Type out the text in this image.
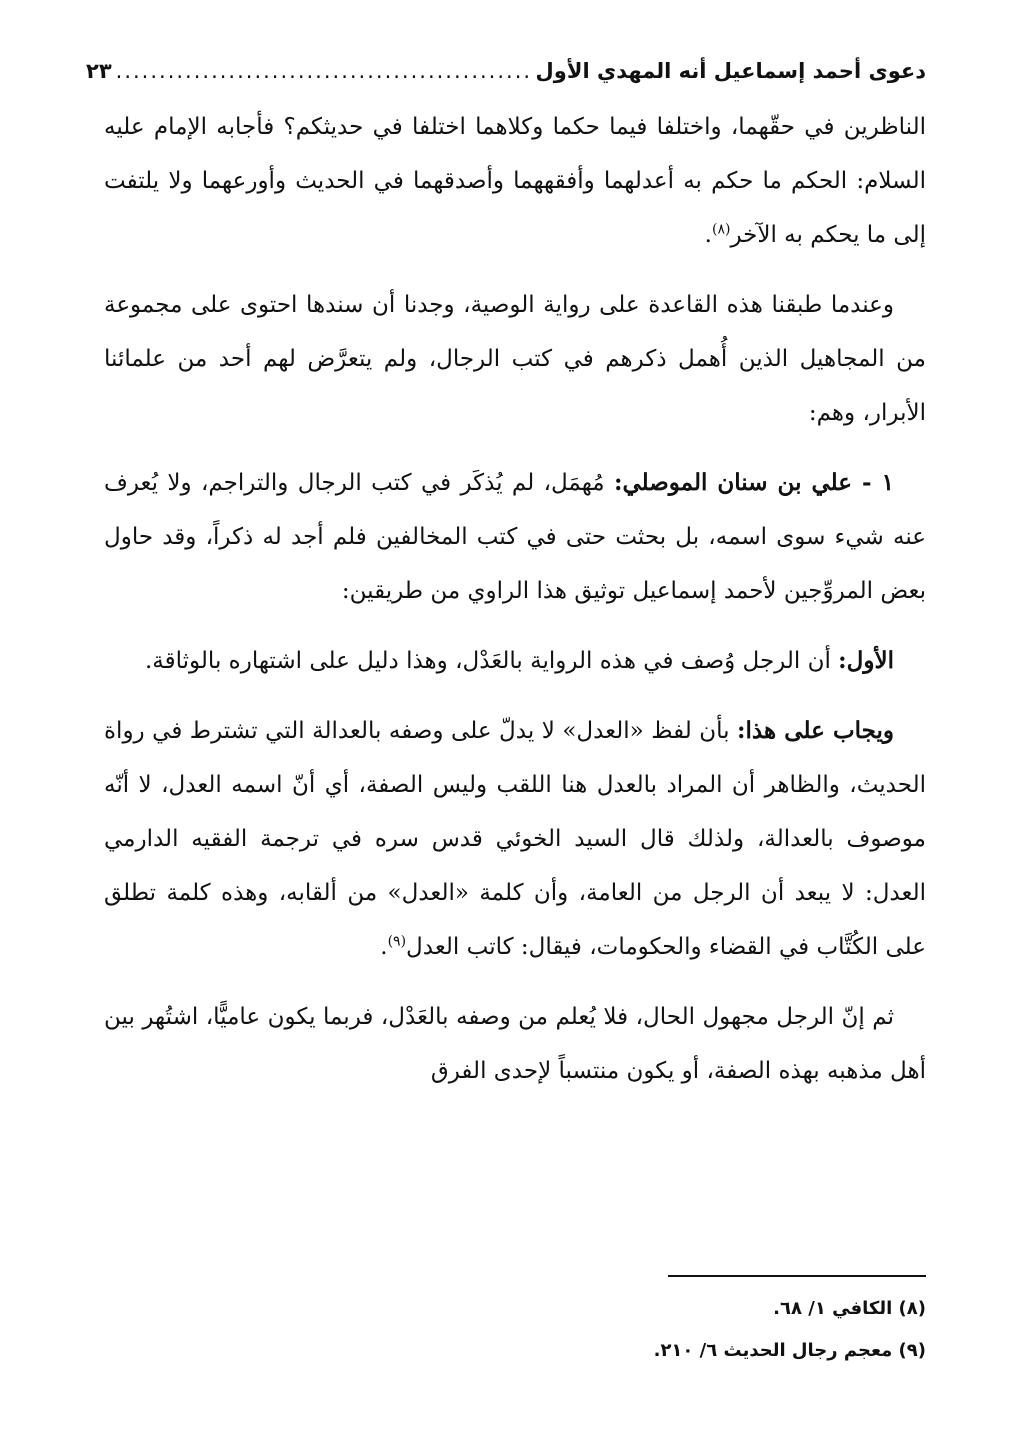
دعوى أحمد إسماعيل أنه المهدي الأول
.....
٢٣

الناظرين في حقّهما، واختلفا فيما حكما وكلاهما اختلفا في حديثكم؟ فأجابه الإمام عليه السلام: الحكم ما حكم به أعدلهما وأفقههما وأصدقهما في الحديث وأورعهما ولا يلتفت إلى ما يحكم به الآخر$^{(٨)}$.

وعندما طبقنا هذه القاعدة على رواية الوصية، وجدنا أن سندها احتوى على مجموعة من المجاهيل الذين أُهمل ذكرهم في كتب الرجال، ولم يتعرَّض لهم أحد من علمائنا الأبرار، وهم:

١ - علي بن سنان الموصلي: مُهمَل، لم يُذكَر في كتب الرجال والتراجم، ولا يُعرف عنه شيء سوى اسمه، بل بحثت حتى في كتب المخالفين فلم أجد له ذكراً، وقد حاول بعض المروِّجين لأحمد إسماعيل توثيق هذا الراوي من طريقين:

الأول: أن الرجل وُصف في هذه الرواية بالعَدْل، وهذا دليل على اشتهاره بالوثاقة.

ويجاب على هذا: بأن لفظ «العدل» لا يدلّ على وصفه بالعدالة التي تشترط في رواة الحديث، والظاهر أن المراد بالعدل هنا اللقب وليس الصفة، أي أنّ اسمه العدل، لا أنّه موصوف بالعدالة، ولذلك قال السيد الخوئي قدس سره في ترجمة الفقيه الدارمي العدل: لا يبعد أن الرجل من العامة، وأن كلمة «العدل» من ألقابه، وهذه كلمة تطلق على الكُتَّاب في القضاء والحكومات، فيقال: كاتب العدل$^{(٩)}$.

ثم إنّ الرجل مجهول الحال، فلا يُعلم من وصفه بالعَدْل، فربما يكون عاميًّا، اشتُهر بين أهل مذهبه بهذه الصفة، أو يكون منتسباً لإحدى الفرق

(٨) الكافي ١/ ٦٨.
(٩) معجم رجال الحديث ٦/ ٢١٠.
